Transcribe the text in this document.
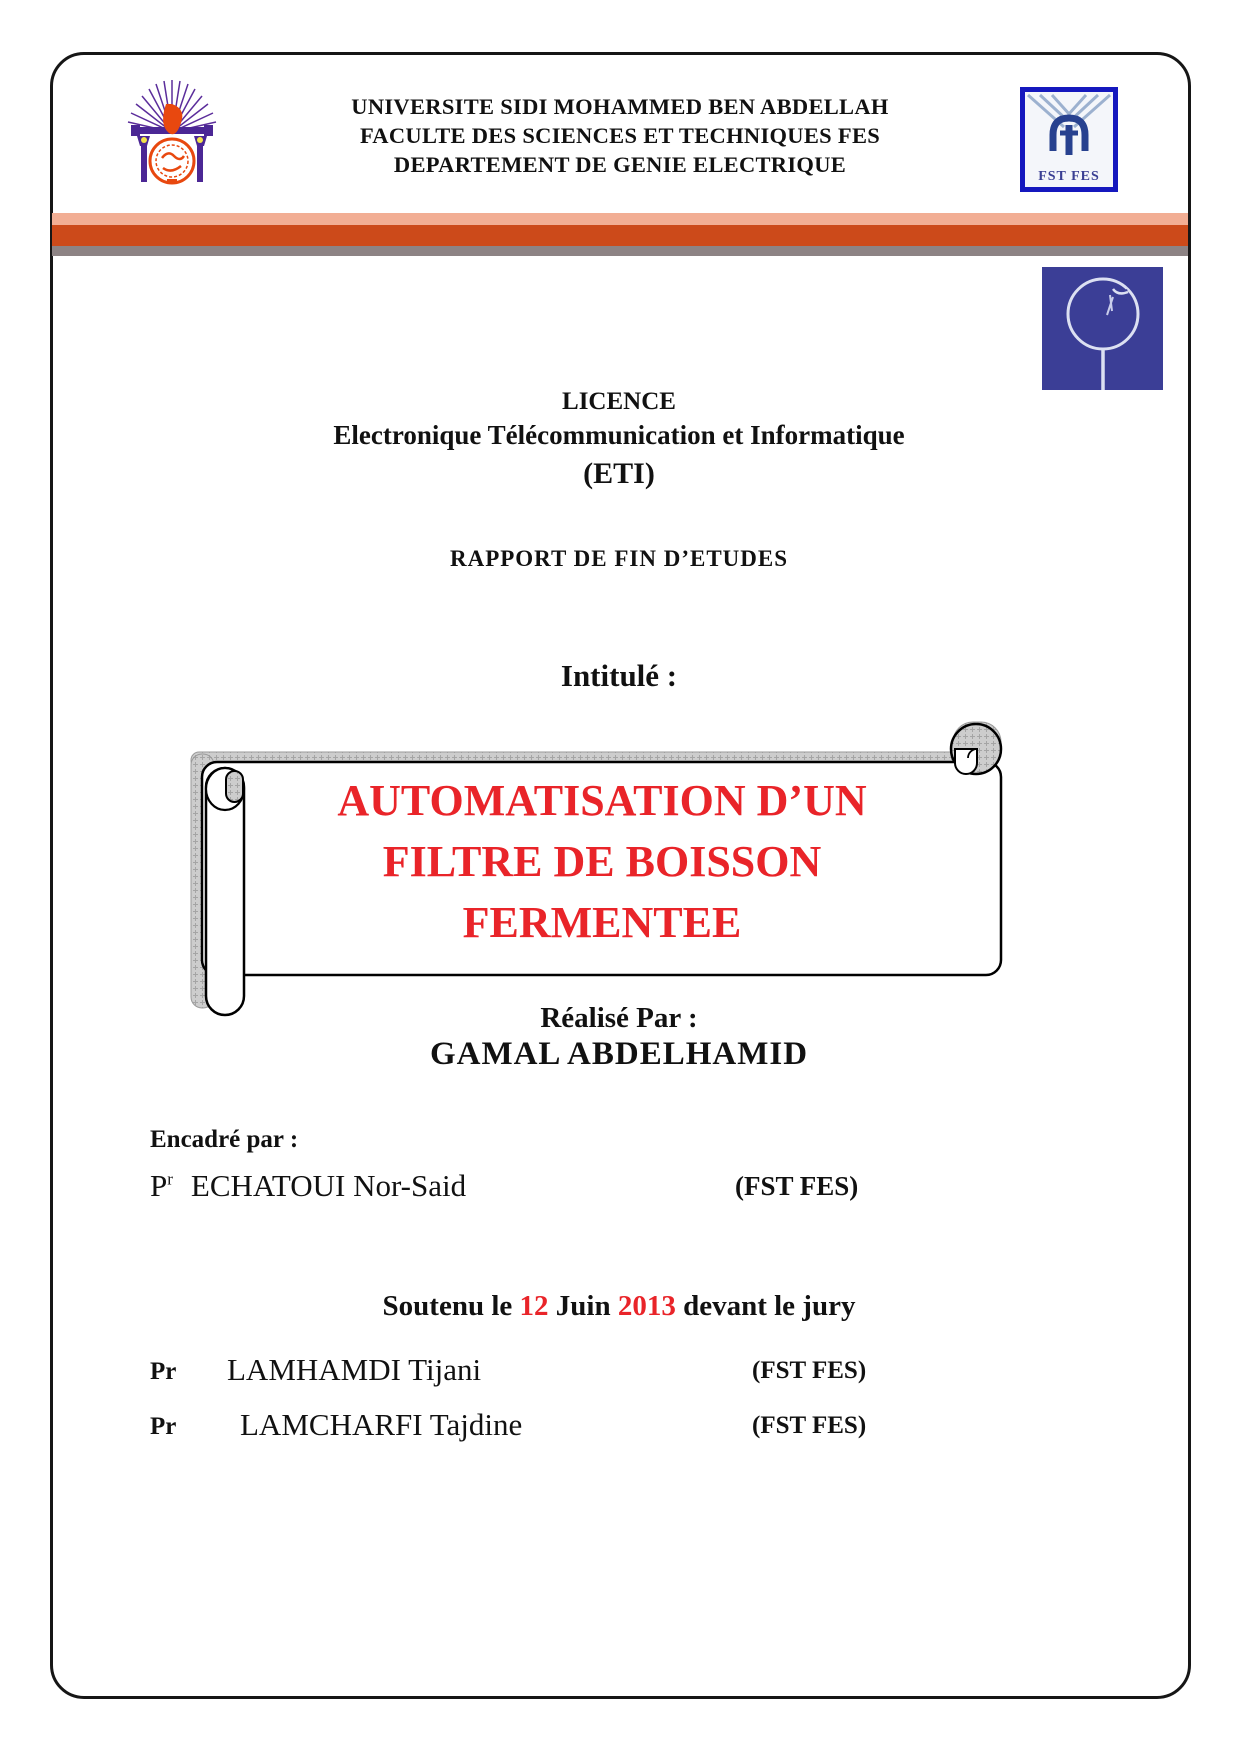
UNIVERSITE SIDI MOHAMMED BEN ABDELLAH
FACULTE DES SCIENCES ET TECHNIQUES FES
DEPARTEMENT DE GENIE ELECTRIQUE	FST FES
LICENCE
Electronique Télécommunication et Informatique
(ETI)
RAPPORT DE FIN D’ETUDES
Intitulé :
AUTOMATISATION D’UN
FILTRE DE BOISSON
FERMENTEE
Réalisé Par :
GAMAL ABDELHAMID
Encadré par :
$P^r$ ECHATOUI Nor-Said	(FST FES)
Soutenu le 12 Juin 2013 devant le jury
Pr LAMHAMDI Tijani	(FST FES)
Pr LAMCHARFI Tajdine	(FST FES)
